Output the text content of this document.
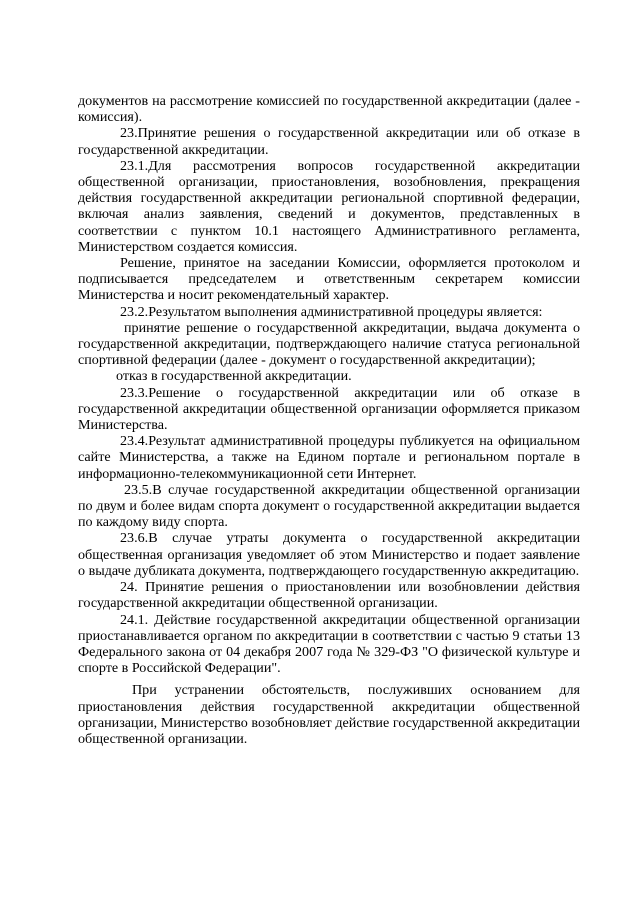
документов на рассмотрение комиссией по государственной аккредитации (далее - комиссия).

23.Принятие решения о государственной аккредитации или об отказе в государственной аккредитации.

23.1.Для рассмотрения вопросов государственной аккредитации общественной организации, приостановления, возобновления, прекращения действия государственной аккредитации региональной спортивной федерации, включая анализ заявления, сведений и документов, представленных в соответствии с пунктом 10.1 настоящего Административного регламента, Министерством создается комиссия.

Решение, принятое на заседании Комиссии, оформляется протоколом и подписывается председателем и ответственным секретарем комиссии Министерства и носит рекомендательный характер.

23.2.Результатом выполнения административной процедуры является:

принятие решение о государственной аккредитации, выдача документа о государственной аккредитации, подтверждающего наличие статуса региональной спортивной федерации (далее - документ о государственной аккредитации);

отказ в государственной аккредитации.

23.3.Решение о государственной аккредитации или об отказе в государственной аккредитации общественной организации оформляется приказом Министерства.

23.4.Результат административной процедуры публикуется на официальном сайте Министерства, а также на Едином портале и региональном портале в информационно-телекоммуникационной сети Интернет.

23.5.В случае государственной аккредитации общественной организации по двум и более видам спорта документ о государственной аккредитации выдается по каждому виду спорта.

23.6.В случае утраты документа о государственной аккредитации общественная организация уведомляет об этом Министерство и подает заявление о выдаче дубликата документа, подтверждающего государственную аккредитацию.

24. Принятие решения о приостановлении или возобновлении действия государственной аккредитации общественной организации.

24.1. Действие государственной аккредитации общественной организации приостанавливается органом по аккредитации в соответствии с частью 9 статьи 13 Федерального закона от 04 декабря 2007 года № 329-ФЗ "О физической культуре и спорте в Российской Федерации".

При устранении обстоятельств, послуживших основанием для приостановления действия государственной аккредитации общественной организации, Министерство возобновляет действие государственной аккредитации общественной организации.
